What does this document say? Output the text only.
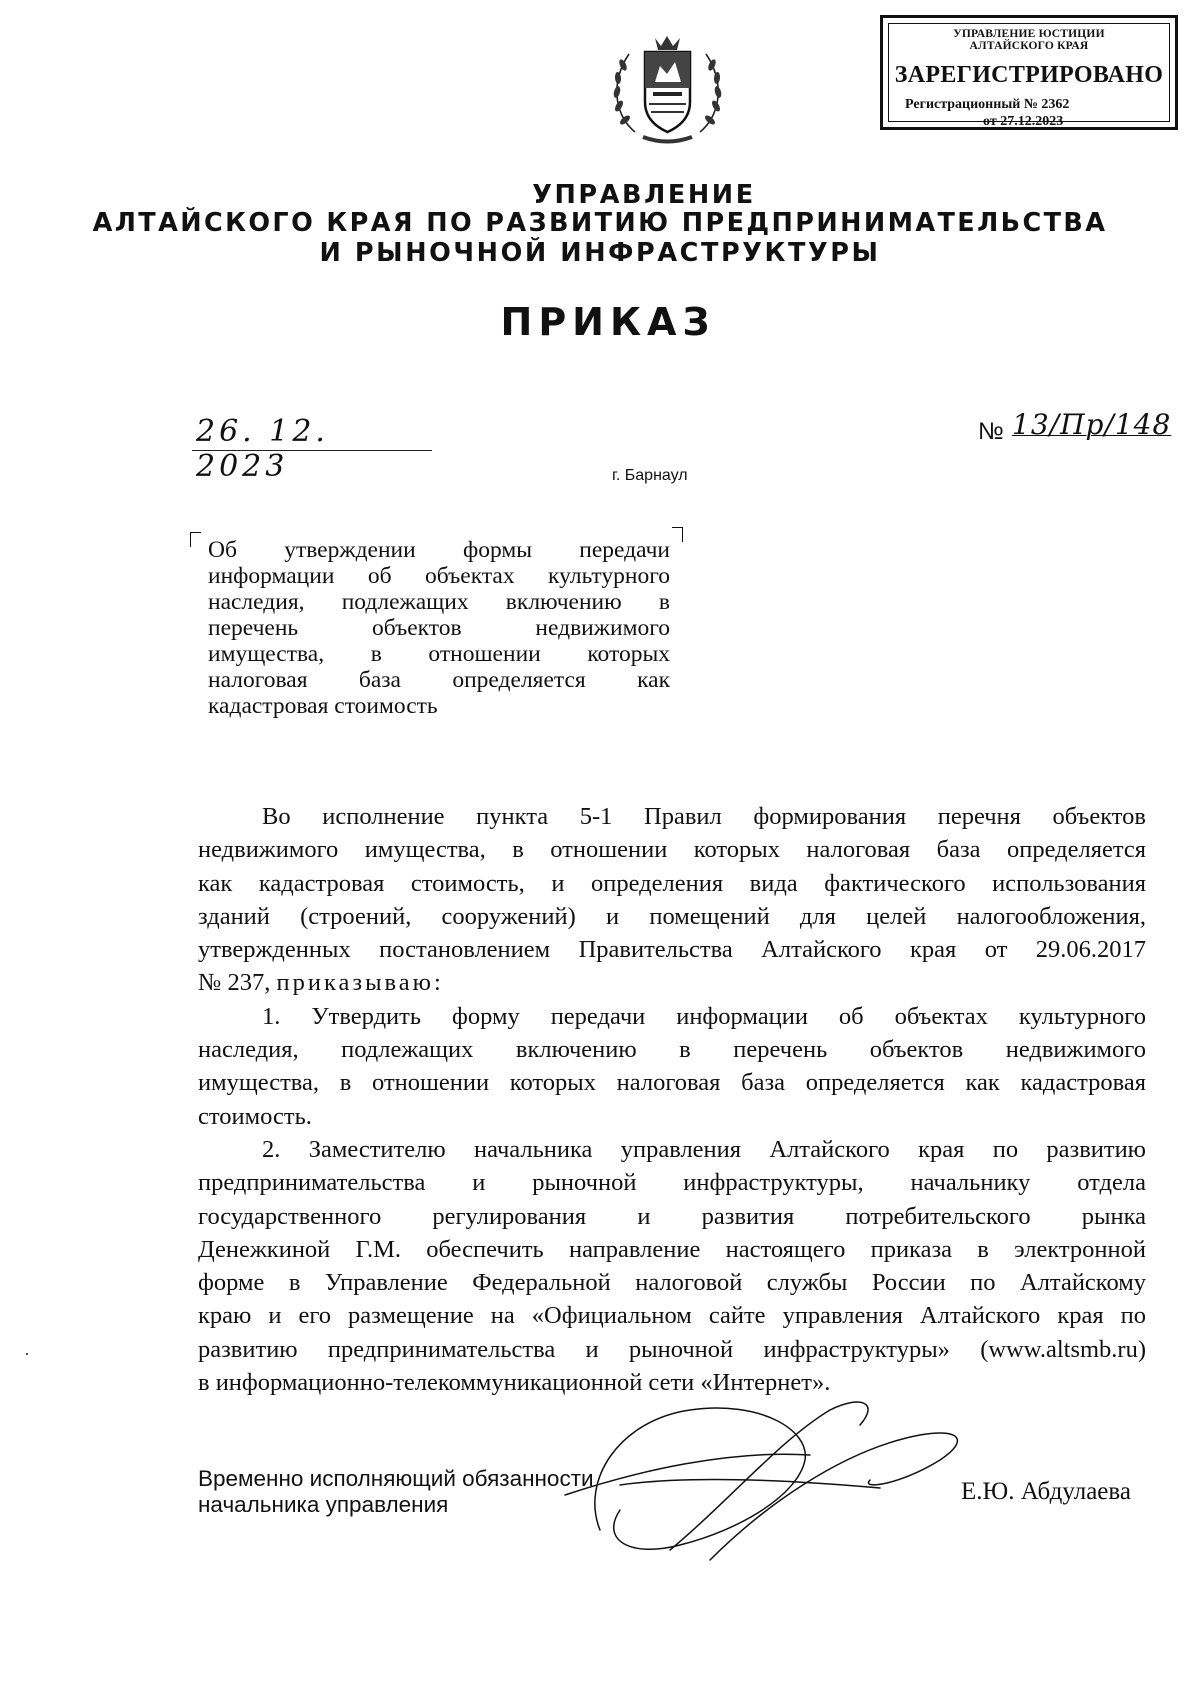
УПРАВЛЕНИЕ ЮСТИЦИИ
АЛТАЙСКОГО КРАЯ
ЗАРЕГИСТРИРОВАНО
Регистрационный № 2362
от 27.12.2023
УПРАВЛЕНИЕ
АЛТАЙСКОГО КРАЯ ПО РАЗВИТИЮ ПРЕДПРИНИМАТЕЛЬСТВА
И РЫНОЧНОЙ ИНФРАСТРУКТУРЫ
ПРИКАЗ
26. 12. 2023
№ 13/Пр/148
г. Барнаул
Об утверждении формы передачи
информации об объектах культурного
наследия, подлежащих включению в
перечень объектов недвижимого
имущества, в отношении которых
налоговая база определяется как
кадастровая стоимость
Во исполнение пункта 5-1 Правил формирования перечня объектов
недвижимого имущества, в отношении которых налоговая база определяется
как кадастровая стоимость, и определения вида фактического использования
зданий (строений, сооружений) и помещений для целей налогообложения,
утвержденных постановлением Правительства Алтайского края от 29.06.2017
№ 237, приказываю:
1. Утвердить форму передачи информации об объектах культурного
наследия, подлежащих включению в перечень объектов недвижимого
имущества, в отношении которых налоговая база определяется как кадастровая
стоимость.
2. Заместителю начальника управления Алтайского края по развитию
предпринимательства и рыночной инфраструктуры, начальнику отдела
государственного регулирования и развития потребительского рынка
Денежкиной Г.М. обеспечить направление настоящего приказа в электронной
форме в Управление Федеральной налоговой службы России по Алтайскому
краю и его размещение на «Официальном сайте управления Алтайского края по
развитию предпринимательства и рыночной инфраструктуры» (www.altsmb.ru)
в информационно-телекоммуникационной сети «Интернет».
Временно исполняющий обязанности
начальника управления	Е.Ю. Абдулаева
